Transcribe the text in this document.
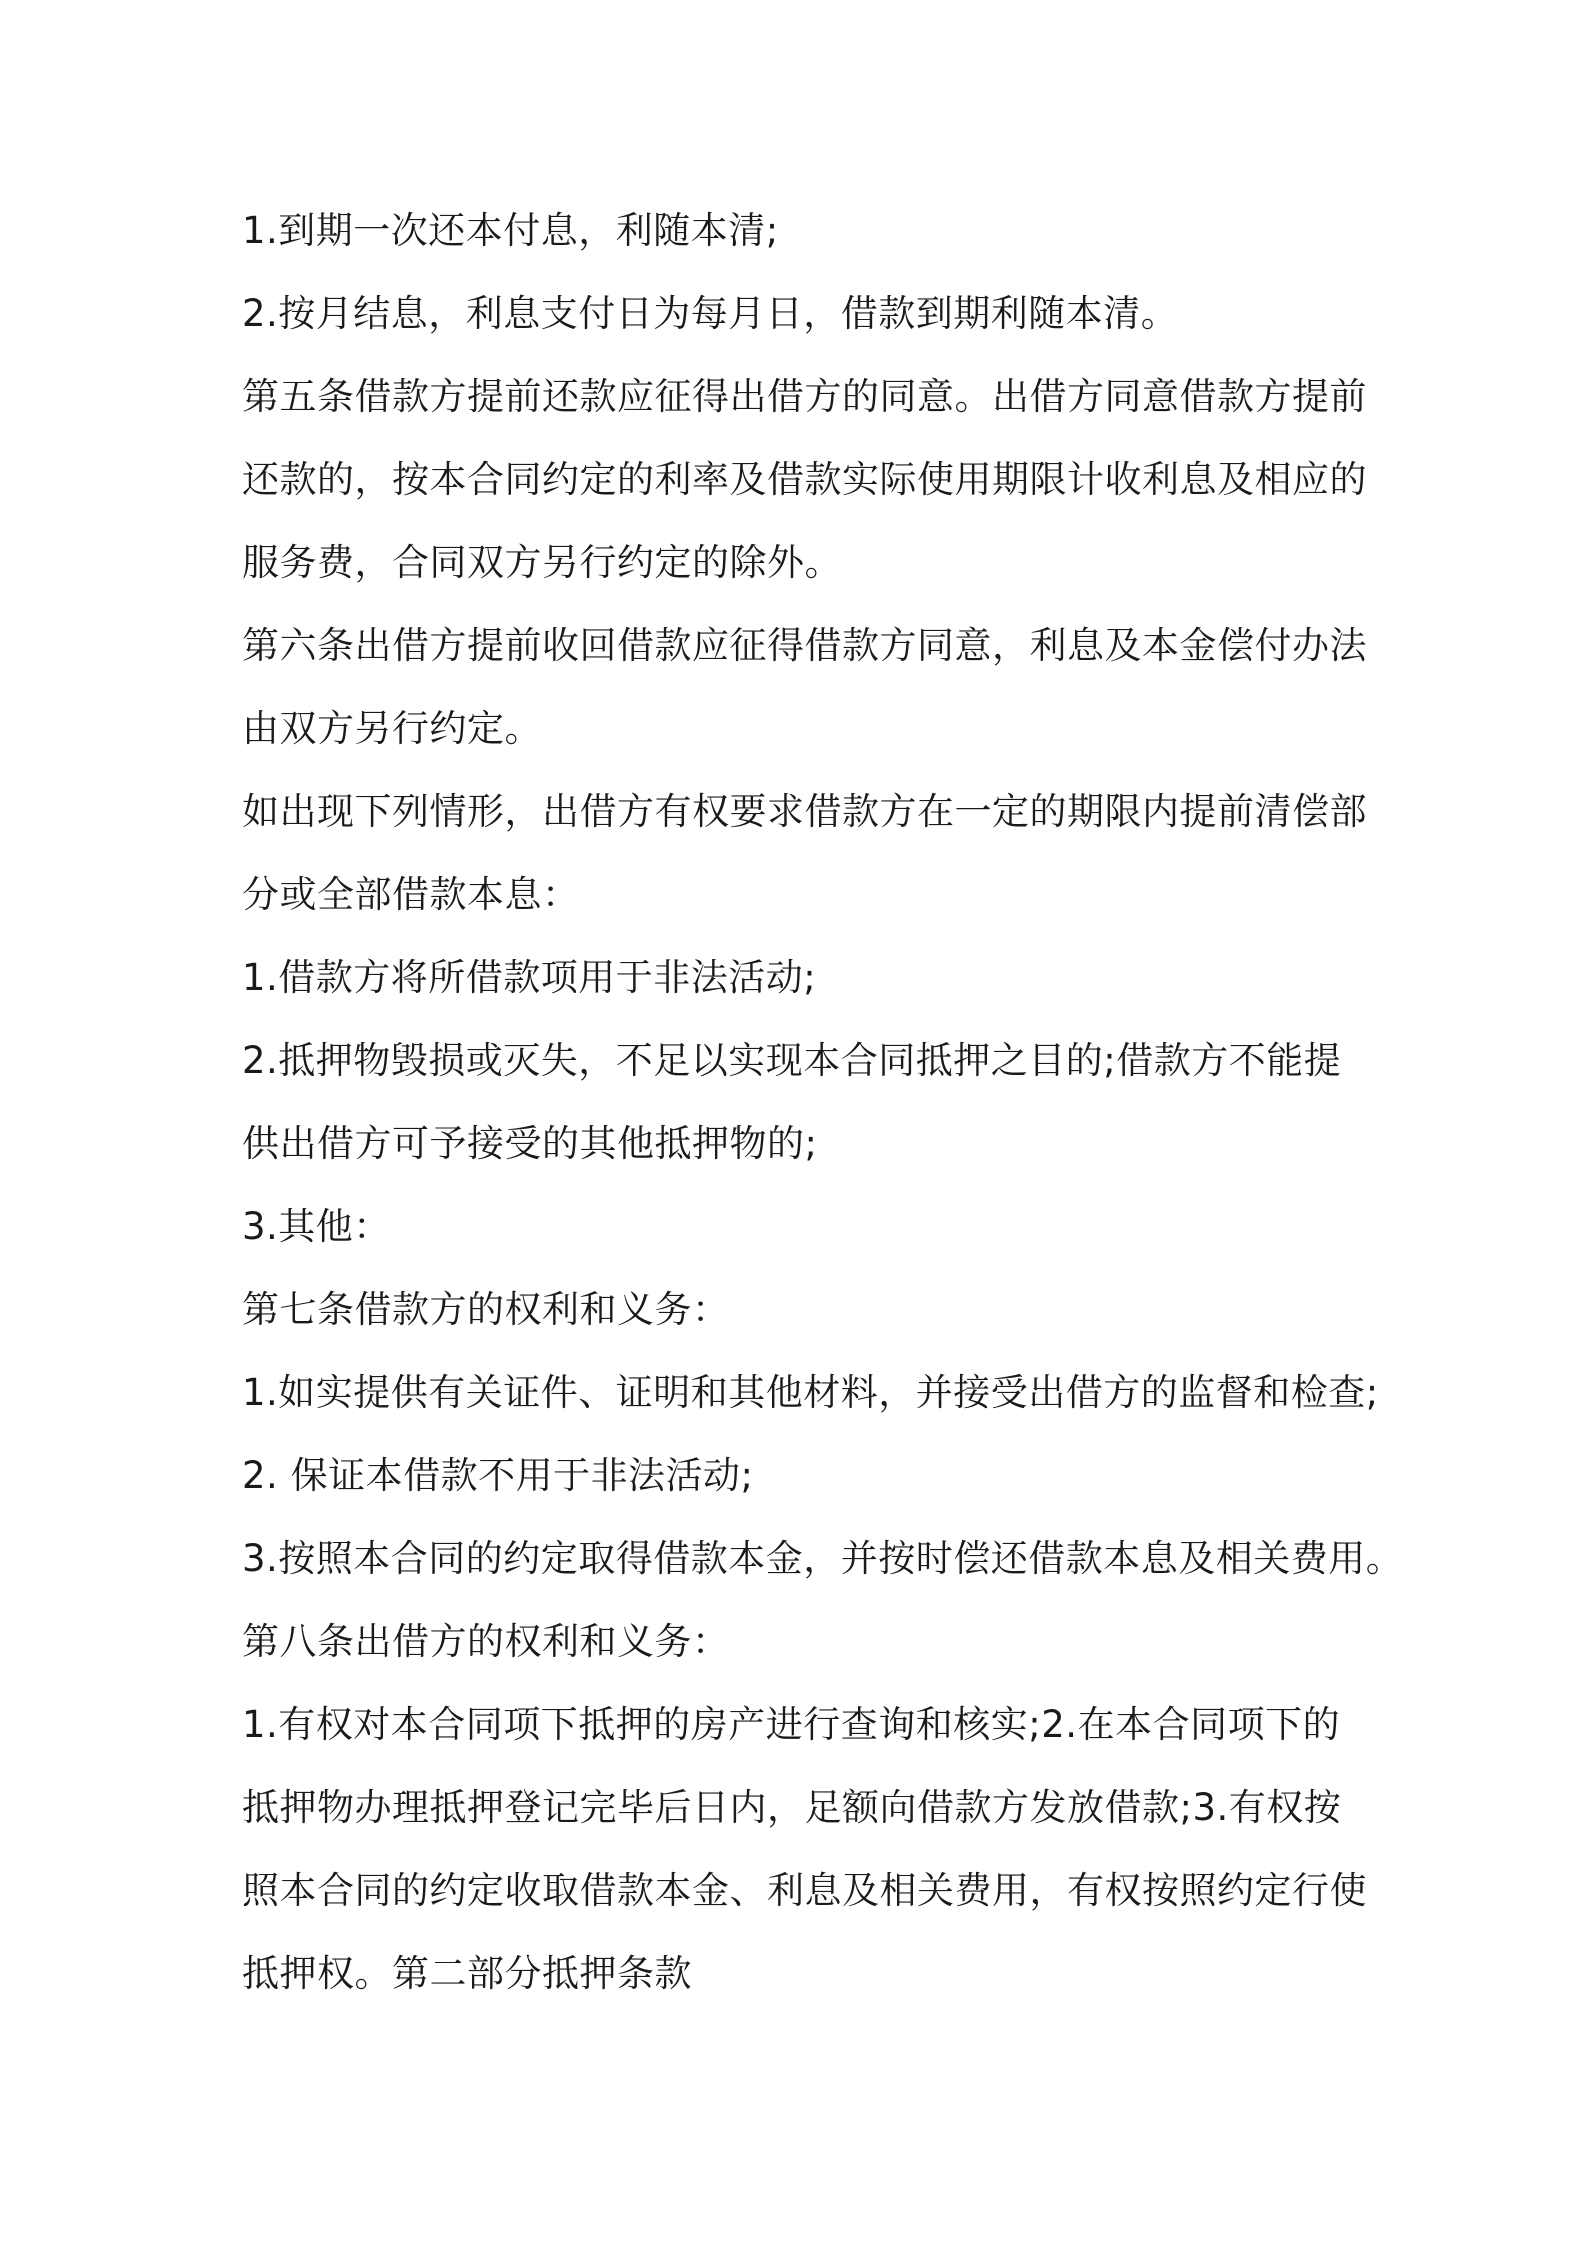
1.到期一次还本付息，利随本清;
2.按月结息，利息支付日为每月日，借款到期利随本清。
第五条借款方提前还款应征得出借方的同意。出借方同意借款方提前
还款的，按本合同约定的利率及借款实际使用期限计收利息及相应的
服务费，合同双方另行约定的除外。
第六条出借方提前收回借款应征得借款方同意，利息及本金偿付办法
由双方另行约定。
如出现下列情形，出借方有权要求借款方在一定的期限内提前清偿部
分或全部借款本息：
1.借款方将所借款项用于非法活动;
2.抵押物毁损或灭失，不足以实现本合同抵押之目的;借款方不能提
供出借方可予接受的其他抵押物的;
3.其他：
第七条借款方的权利和义务：
1.如实提供有关证件、证明和其他材料，并接受出借方的监督和检查;
2. 保证本借款不用于非法活动;
3.按照本合同的约定取得借款本金，并按时偿还借款本息及相关费用。
第八条出借方的权利和义务：
1.有权对本合同项下抵押的房产进行查询和核实;2.在本合同项下的
抵押物办理抵押登记完毕后日内，足额向借款方发放借款;3.有权按
照本合同的约定收取借款本金、利息及相关费用，有权按照约定行使
抵押权。第二部分抵押条款
